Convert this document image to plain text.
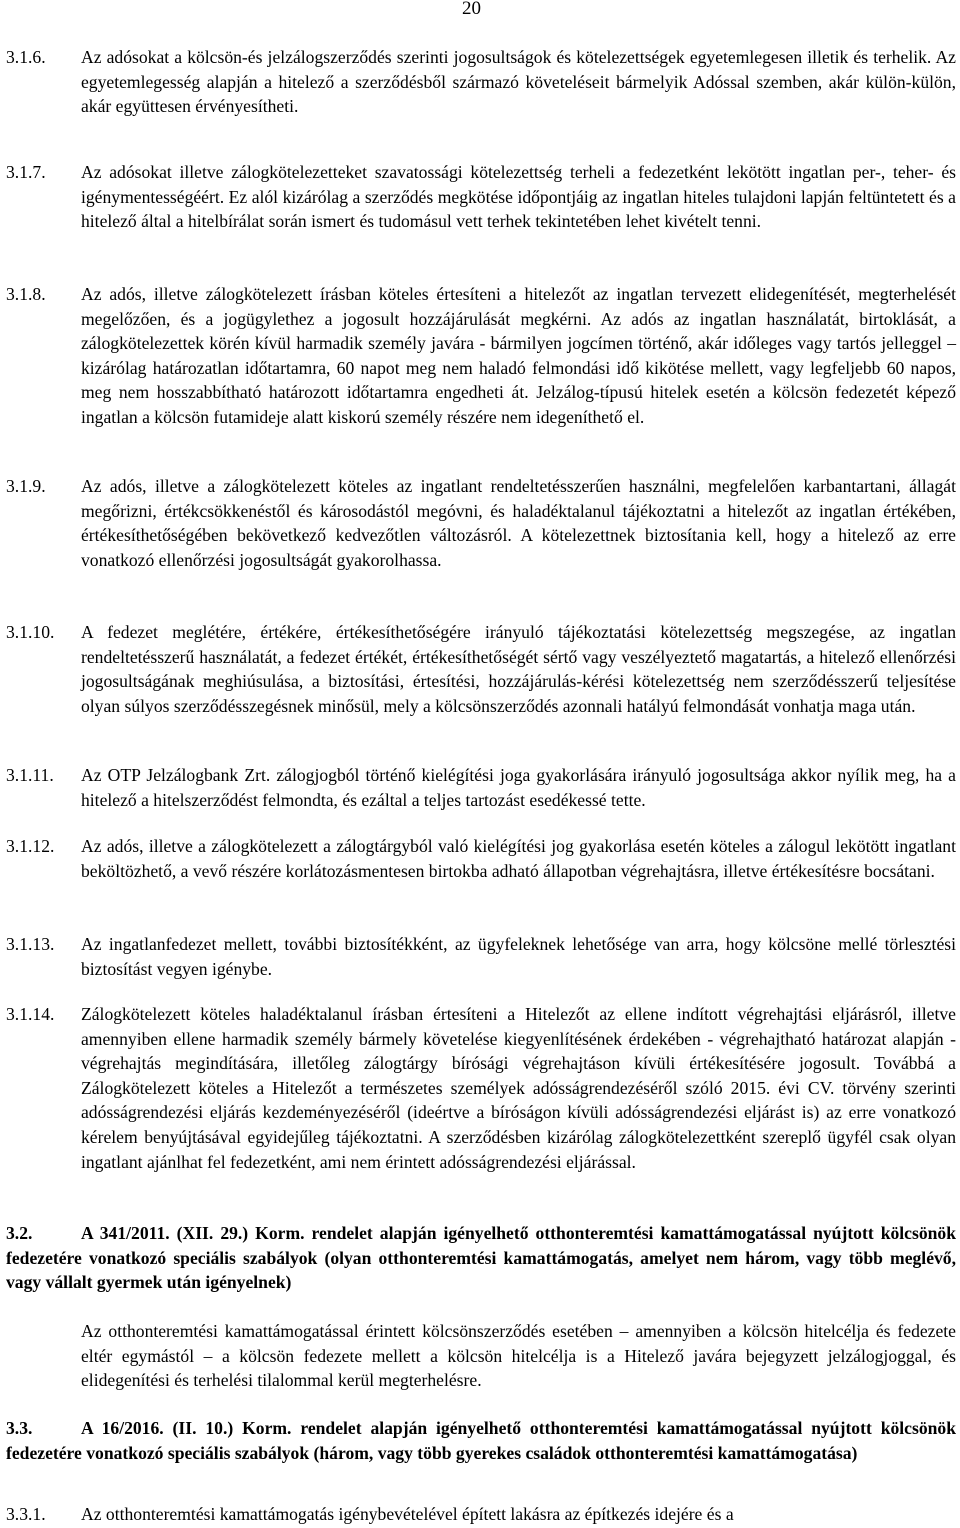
20
3.1.6. Az adósokat a kölcsön-és jelzálogszerződés szerinti jogosultságok és kötelezettségek egyetemlegesen illetik és terhelik. Az egyetemlegesség alapján a hitelező a szerződésből származó követeléseit bármelyik Adóssal szemben, akár külön-külön, akár együttesen érvényesítheti.
3.1.7. Az adósokat illetve zálogkötelezetteket szavatossági kötelezettség terheli a fedezetként lekötött ingatlan per-, teher- és igénymentességéért. Ez alól kizárólag a szerződés megkötése időpontjáig az ingatlan hiteles tulajdoni lapján feltüntetett és a hitelező által a hitelbírálat során ismert és tudomásul vett terhek tekintetében lehet kivételt tenni.
3.1.8. Az adós, illetve zálogkötelezett írásban köteles értesíteni a hitelezőt az ingatlan tervezett elidegenítését, megterhelését megelőzően, és a jogügylethez a jogosult hozzájárulását megkérni. Az adós az ingatlan használatát, birtoklását, a zálogkötelezettek körén kívül harmadik személy javára - bármilyen jogcímen történő, akár időleges vagy tartós jelleggel – kizárólag határozatlan időtartamra, 60 napot meg nem haladó felmondási idő kikötése mellett, vagy legfeljebb 60 napos, meg nem hosszabbítható határozott időtartamra engedheti át. Jelzálog-típusú hitelek esetén a kölcsön fedezetét képező ingatlan a kölcsön futamideje alatt kiskorú személy részére nem idegeníthető el.
3.1.9. Az adós, illetve a zálogkötelezett köteles az ingatlant rendeltetésszerűen használni, megfelelően karbantartani, állagát megőrizni, értékcsökkenéstől és károsodástól megóvni, és haladéktalanul tájékoztatni a hitelezőt az ingatlan értékében, értékesíthetőségében bekövetkező kedvezőtlen változásról. A kötelezettnek biztosítania kell, hogy a hitelező az erre vonatkozó ellenőrzési jogosultságát gyakorolhassa.
3.1.10. A fedezet meglétére, értékére, értékesíthetőségére irányuló tájékoztatási kötelezettség megszegése, az ingatlan rendeltetésszerű használatát, a fedezet értékét, értékesíthetőségét sértő vagy veszélyeztető magatartás, a hitelező ellenőrzési jogosultságának meghiúsulása, a biztosítási, értesítési, hozzájárulás-kérési kötelezettség nem szerződésszerű teljesítése olyan súlyos szerződésszegésnek minősül, mely a kölcsönszerződés azonnali hatályú felmondását vonhatja maga után.
3.1.11. Az OTP Jelzálogbank Zrt. zálogjogból történő kielégítési joga gyakorlására irányuló jogosultsága akkor nyílik meg, ha a hitelező a hitelszerződést felmondta, és ezáltal a teljes tartozást esedékessé tette.
3.1.12. Az adós, illetve a zálogkötelezett a zálogtárgyból való kielégítési jog gyakorlása esetén köteles a zálogul lekötött ingatlant beköltözhető, a vevő részére korlátozásmentesen birtokba adható állapotban végrehajtásra, illetve értékesítésre bocsátani.
3.1.13. Az ingatlanfedezet mellett, további biztosítékként, az ügyfeleknek lehetősége van arra, hogy kölcsöne mellé törlesztési biztosítást vegyen igénybe.
3.1.14. Zálogkötelezett köteles haladéktalanul írásban értesíteni a Hitelezőt az ellene indított végrehajtási eljárásról, illetve amennyiben ellene harmadik személy bármely követelése kiegyenlítésének érdekében - végrehajtható határozat alapján - végrehajtás megindítására, illetőleg zálogtárgy bírósági végrehajtáson kívüli értékesítésére jogosult. Továbbá a Zálogkötelezett köteles a Hitelezőt a természetes személyek adósságrendezéséről szóló 2015. évi CV. törvény szerinti adósságrendezési eljárás kezdeményezéséről (ideértve a bíróságon kívüli adósságrendezési eljárást is) az erre vonatkozó kérelem benyújtásával egyidejűleg tájékoztatni. A szerződésben kizárólag zálogkötelezettként szereplő ügyfél csak olyan ingatlant ajánlhat fel fedezetként, ami nem érintett adósságrendezési eljárással.
3.2.	A 341/2011. (XII. 29.) Korm. rendelet alapján igényelhető otthonteremtési kamattámogatással nyújtott kölcsönök fedezetére vonatkozó speciális szabályok (olyan otthonteremtési kamattámogatás, amelyet nem három, vagy több meglévő, vagy vállalt gyermek után igényelnek)
Az otthonteremtési kamattámogatással érintett kölcsönszerződés esetében – amennyiben a kölcsön hitelcélja és fedezete eltér egymástól – a kölcsön fedezete mellett a kölcsön hitelcélja is a Hitelező javára bejegyzett jelzálogjoggal, és elidegenítési és terhelési tilalommal kerül megterhelésre.
3.3.	A 16/2016. (II. 10.) Korm. rendelet alapján igényelhető otthonteremtési kamattámogatással nyújtott kölcsönök fedezetére vonatkozó speciális szabályok (három, vagy több gyerekes családok otthonteremtési kamattámogatása)
3.3.1. Az otthonteremtési kamattámogatás igénybevételével épített lakásra az építkezés idejére és a
